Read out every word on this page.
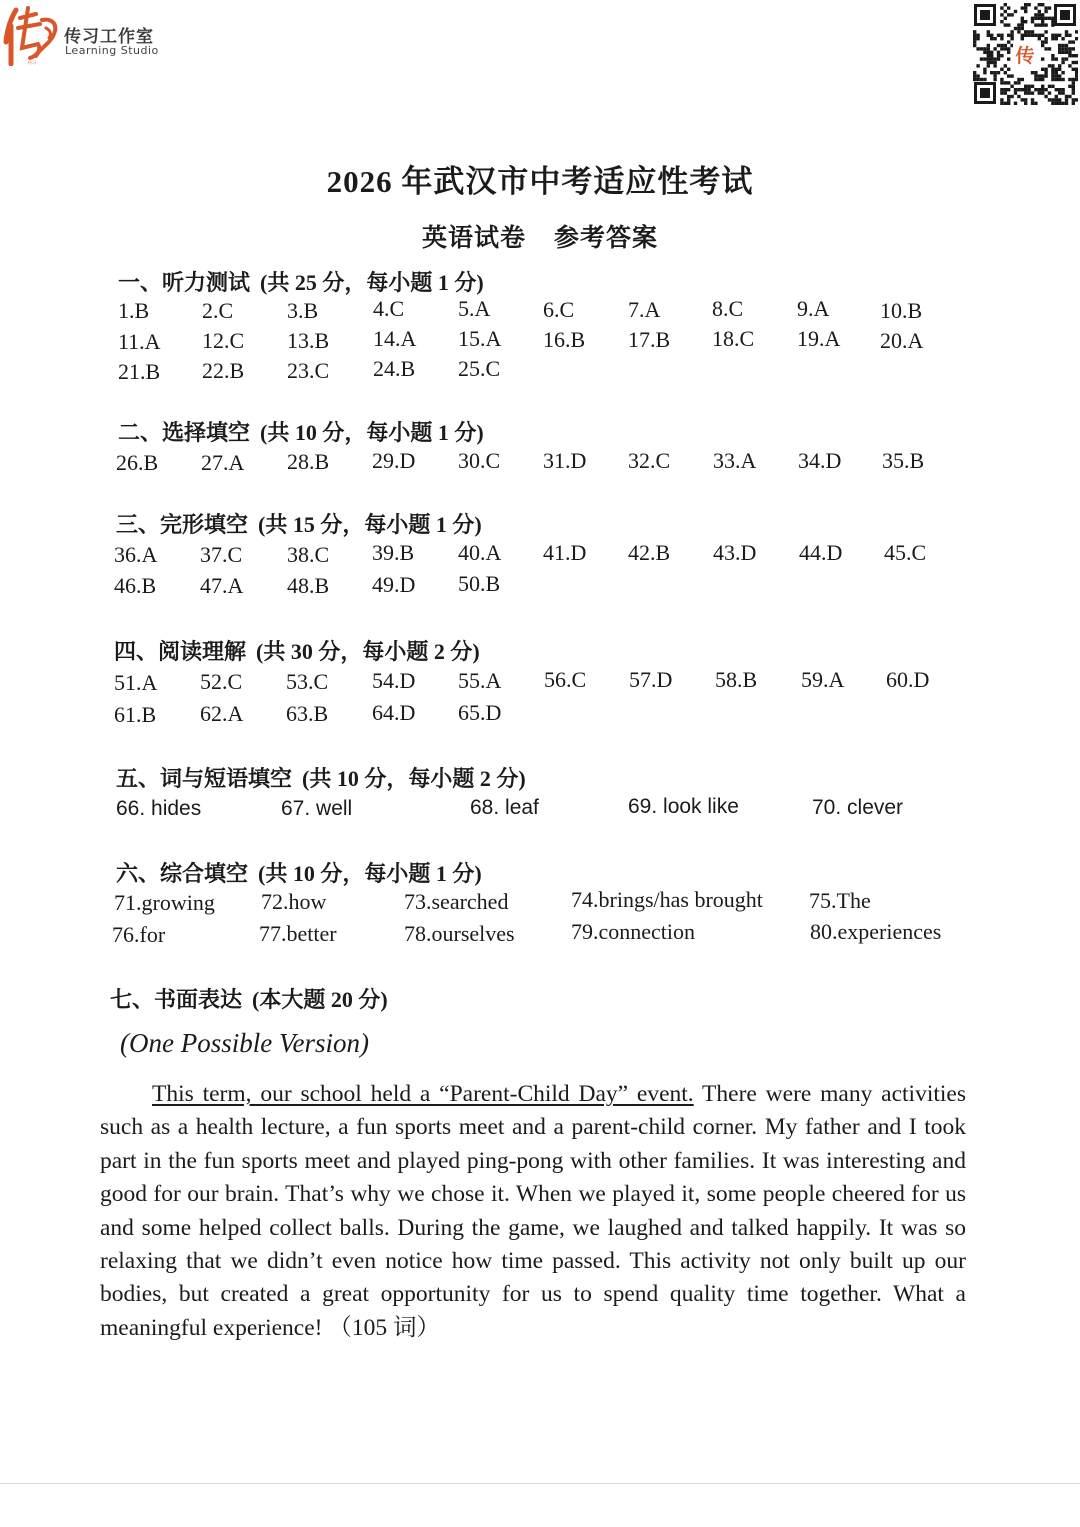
传习
传习工作室
Learning Studio	传
2026 年武汉市中考适应性考试
英语试卷 参考答案
一、听力测试 (共 25 分，每小题 1 分)
1.B 2.C 3.B 4.C 5.A 6.C 7.A 8.C 9.A 10.B
11.A 12.C 13.B 14.A 15.A 16.B 17.B 18.C 19.A 20.A
21.B 22.B 23.C 24.B 25.C
二、选择填空 (共 10 分，每小题 1 分)
26.B 27.A 28.B 29.D 30.C 31.D 32.C 33.A 34.D 35.B
三、完形填空 (共 15 分，每小题 1 分)
36.A 37.C 38.C 39.B 40.A 41.D 42.B 43.D 44.D 45.C
46.B 47.A 48.B 49.D 50.B
四、阅读理解 (共 30 分，每小题 2 分)
51.A 52.C 53.C 54.D 55.A 56.C 57.D 58.B 59.A 60.D
61.B 62.A 63.B 64.D 65.D
五、词与短语填空 (共 10 分，每小题 2 分)
66. hides	67. well	68. leaf	69. look like	70. clever
六、综合填空 (共 10 分，每小题 1 分)
71.growing 72.how	73.searched	74.brings/has brought 75.The
76.for	77.better	78.ourselves	79.connection	80.experiences
七、书面表达 (本大题 20 分)
(One Possible Version)
This term, our school held a “Parent-Child Day” event. There were many activities such as a health lecture, a fun sports meet and a parent-child corner. My father and I took part in the fun sports meet and played ping-pong with other families. It was interesting and good for our brain. That’s why we chose it. When we played it, some people cheered for us and some helped collect balls. During the game, we laughed and talked happily. It was so relaxing that we didn’t even notice how time passed. This activity not only built up our bodies, but created a great opportunity for us to spend quality time together. What a meaningful experience! （105 词）
